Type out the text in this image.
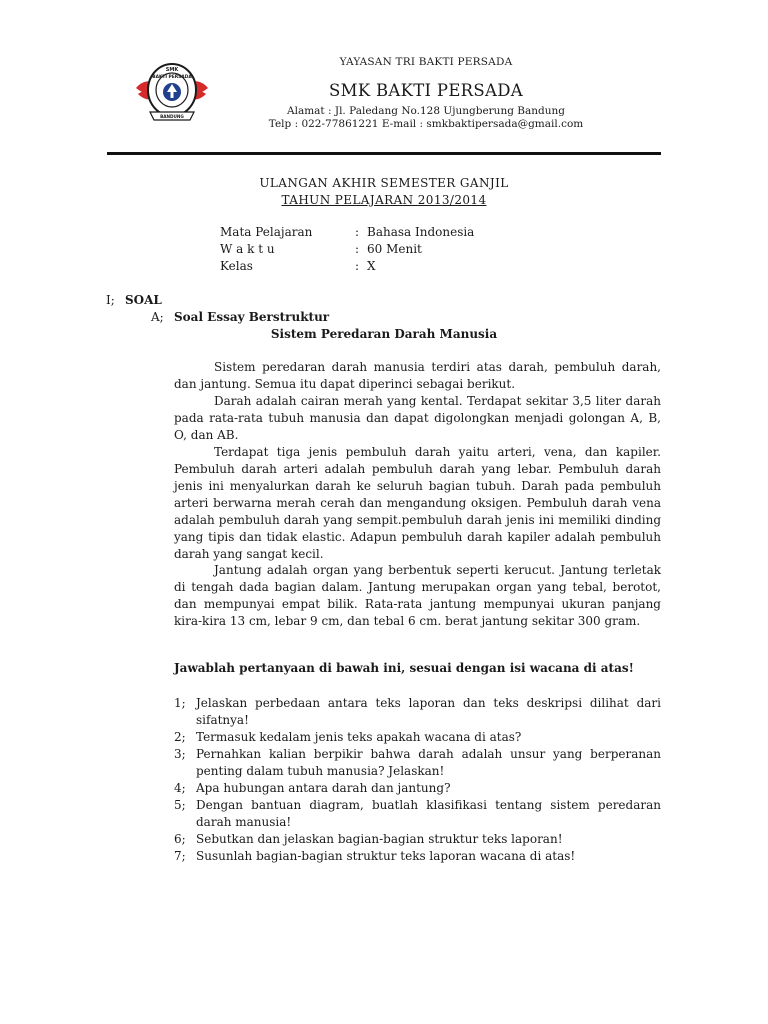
SMK
BAKTI PERSADA
BANDUNG
YAYASAN TRI BAKTI PERSADA
SMK BAKTI PERSADA
Alamat : Jl. Paledang No.128 Ujungberung Bandung
Telp : 022-77861221 E-mail : smkbaktipersada@gmail.com
ULANGAN AKHIR SEMESTER GANJIL
TAHUN PELAJARAN 2013/2014
Mata Pelajaran	: Bahasa Indonesia
W a k t u	: 60 Menit
Kelas	: X
I; SOAL
A; Soal Essay Berstruktur
Sistem Peredaran Darah Manusia
Sistem peredaran darah manusia terdiri atas darah, pembuluh darah, dan jantung. Semua itu dapat diperinci sebagai berikut.
Darah adalah cairan merah yang kental. Terdapat sekitar 3,5 liter darah pada rata-rata tubuh manusia dan dapat digolongkan menjadi golongan A, B, O, dan AB.
Terdapat tiga jenis pembuluh darah yaitu arteri, vena, dan kapiler. Pembuluh darah arteri adalah pembuluh darah yang lebar. Pembuluh darah jenis ini menyalurkan darah ke seluruh bagian tubuh. Darah pada pembuluh arteri berwarna merah cerah dan mengandung oksigen. Pembuluh darah vena adalah pembuluh darah yang sempit.pembuluh darah jenis ini memiliki dinding yang tipis dan tidak elastic. Adapun pembuluh darah kapiler adalah pembuluh darah yang sangat kecil.
Jantung adalah organ yang berbentuk seperti kerucut. Jantung terletak di tengah dada bagian dalam. Jantung merupakan organ yang tebal, berotot, dan mempunyai empat bilik. Rata-rata jantung mempunyai ukuran panjang kira-kira 13 cm, lebar 9 cm, dan tebal 6 cm. berat jantung sekitar 300 gram.
Jawablah pertanyaan di bawah ini, sesuai dengan isi wacana di atas!
1; Jelaskan perbedaan antara teks laporan dan teks deskripsi dilihat dari sifatnya!
2; Termasuk kedalam jenis teks apakah wacana di atas?
3; Pernahkan kalian berpikir bahwa darah adalah unsur yang berperanan penting dalam tubuh manusia? Jelaskan!
4; Apa hubungan antara darah dan jantung?
5; Dengan bantuan diagram, buatlah klasifikasi tentang sistem peredaran darah manusia!
6; Sebutkan dan jelaskan bagian-bagian struktur teks laporan!
7; Susunlah bagian-bagian struktur teks laporan wacana di atas!
